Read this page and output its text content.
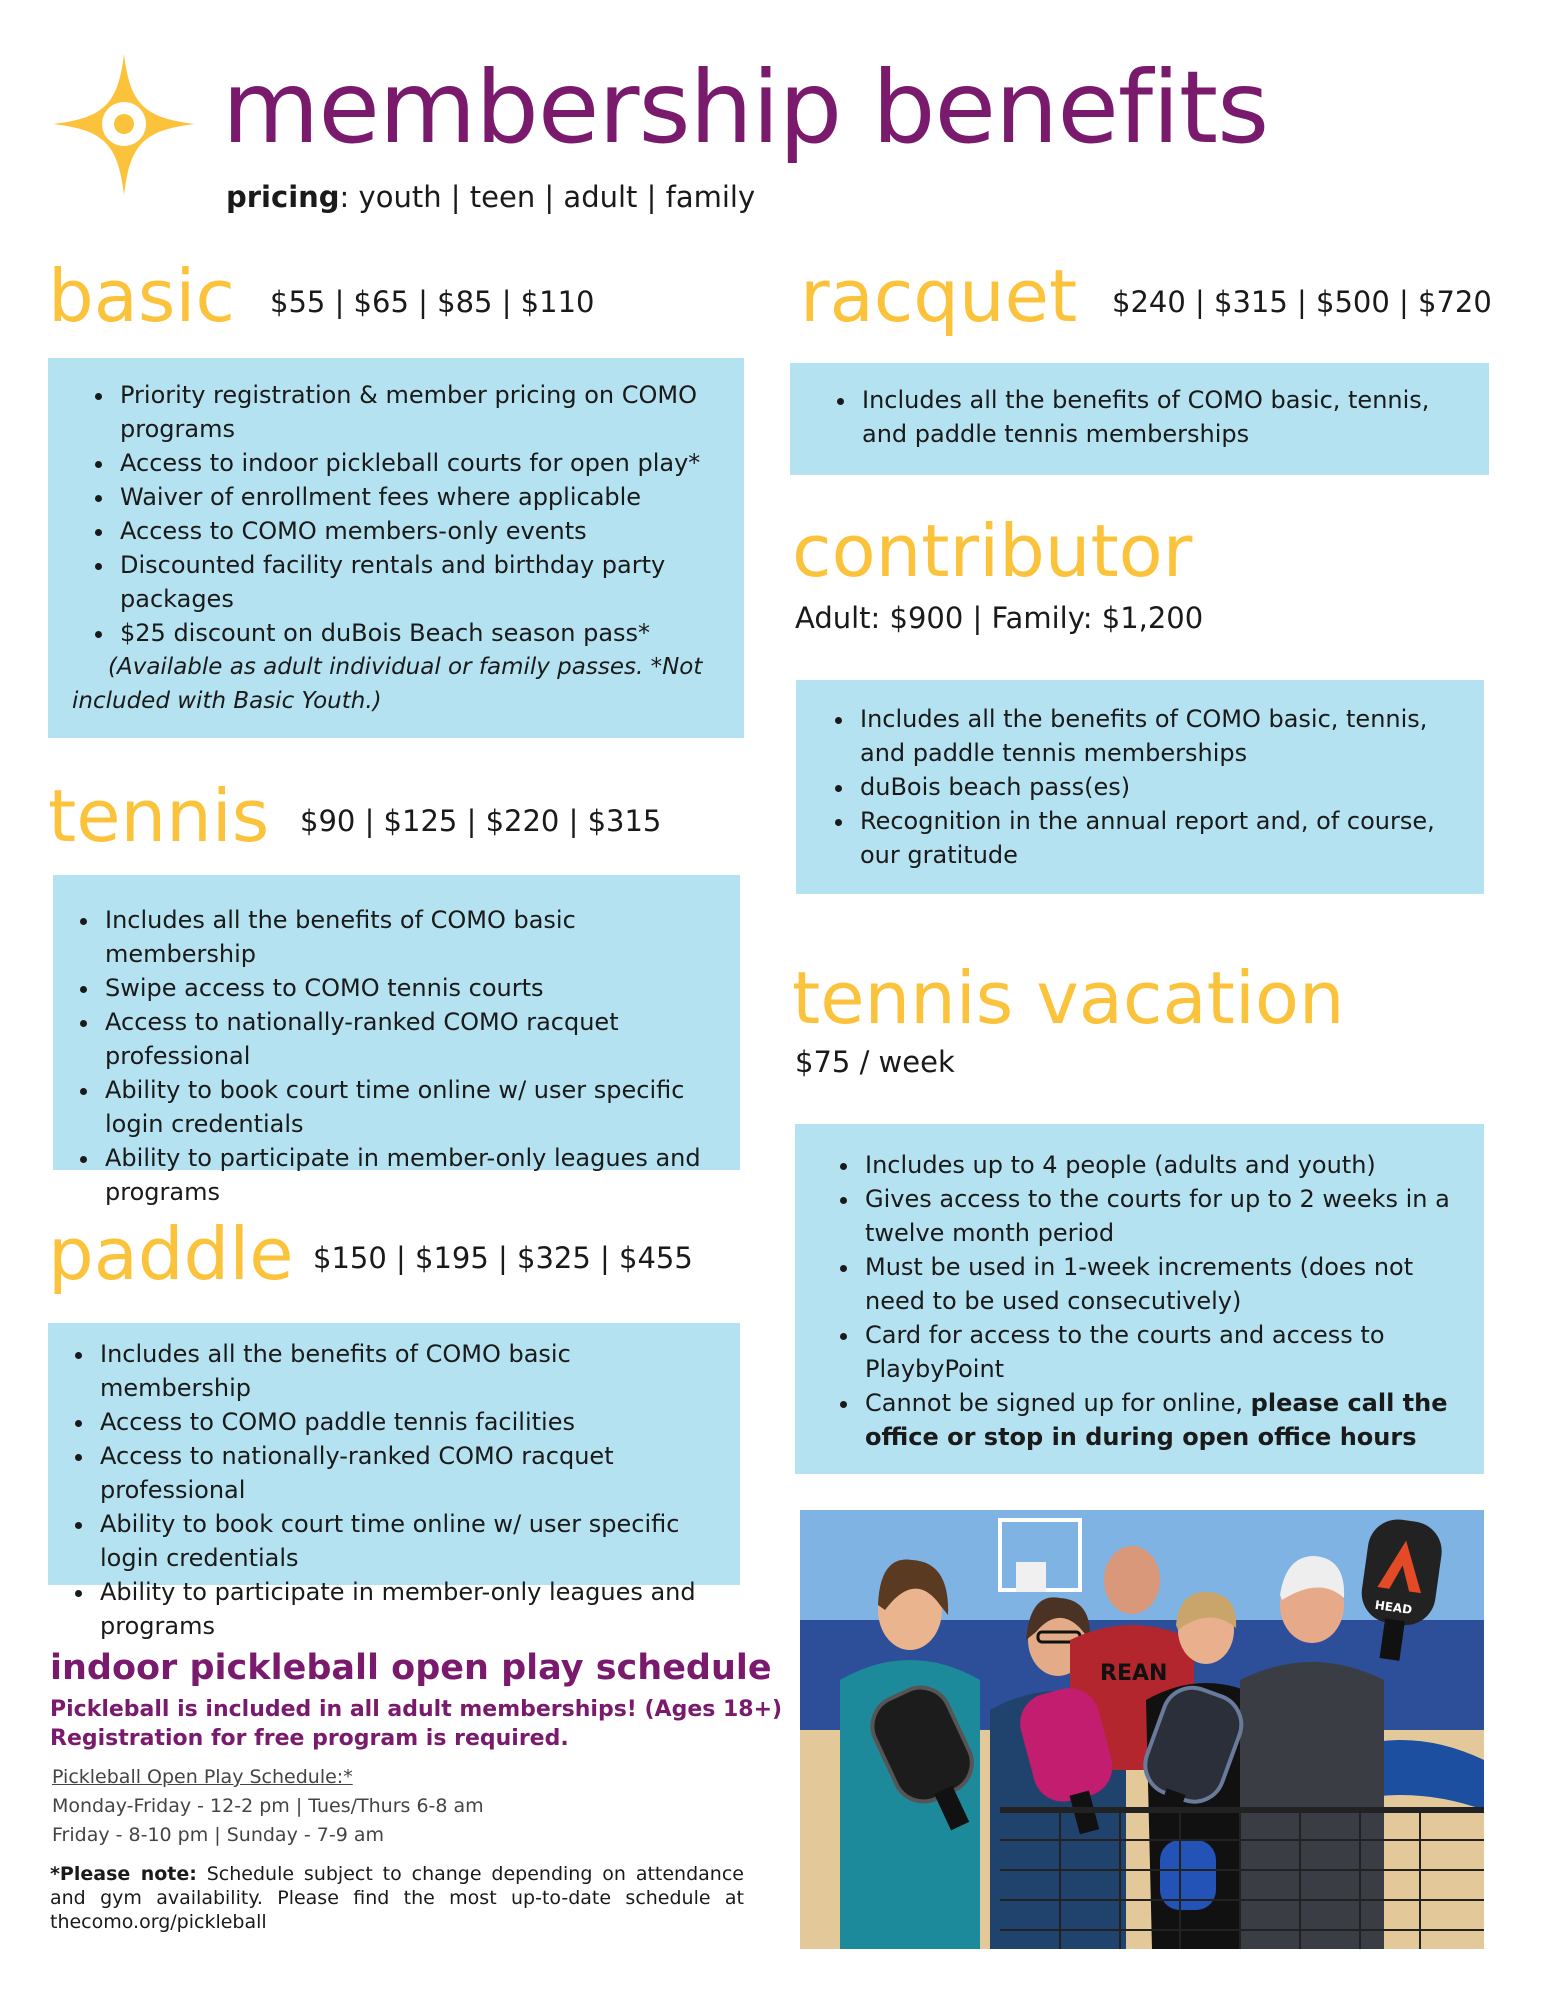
membership benefits
pricing: youth | teen | adult | family
basic $55 | $65 | $85 | $110
• Priority registration & member pricing on COMO programs
• Access to indoor pickleball courts for open play*
• Waiver of enrollment fees where applicable
• Access to COMO members-only events
• Discounted facility rentals and birthday party packages
• $25 discount on duBois Beach season pass*
(Available as adult individual or family passes. *Not included with Basic Youth.)
tennis $90 | $125 | $220 | $315
• Includes all the benefits of COMO basic membership
• Swipe access to COMO tennis courts
• Access to nationally-ranked COMO racquet professional
• Ability to book court time online w/ user specific login credentials
• Ability to participate in member-only leagues and programs
paddle $150 | $195 | $325 | $455
• Includes all the benefits of COMO basic membership
• Access to COMO paddle tennis facilities
• Access to nationally-ranked COMO racquet professional
• Ability to book court time online w/ user specific login credentials
• Ability to participate in member-only leagues and programs
racquet $240 | $315 | $500 | $720
• Includes all the benefits of COMO basic, tennis, and paddle tennis memberships
contributor
Adult: $900 | Family: $1,200
• Includes all the benefits of COMO basic, tennis, and paddle tennis memberships
• duBois beach pass(es)
• Recognition in the annual report and, of course, our gratitude
tennis vacation
$75 / week
• Includes up to 4 people (adults and youth)
• Gives access to the courts for up to 2 weeks in a twelve month period
• Must be used in 1-week increments (does not need to be used consecutively)
• Card for access to the courts and access to PlaybyPoint
• Cannot be signed up for online, please call the office or stop in during open office hours
indoor pickleball open play schedule
Pickleball is included in all adult memberships! (Ages 18+)
Registration for free program is required.
Pickleball Open Play Schedule:*
Monday-Friday - 12-2 pm | Tues/Thurs 6-8 am
Friday - 8-10 pm | Sunday - 7-9 am
*Please note: Schedule subject to change depending on attendance and gym availability. Please find the most up-to-date schedule at thecomo.org/pickleball
REAN
HEAD
